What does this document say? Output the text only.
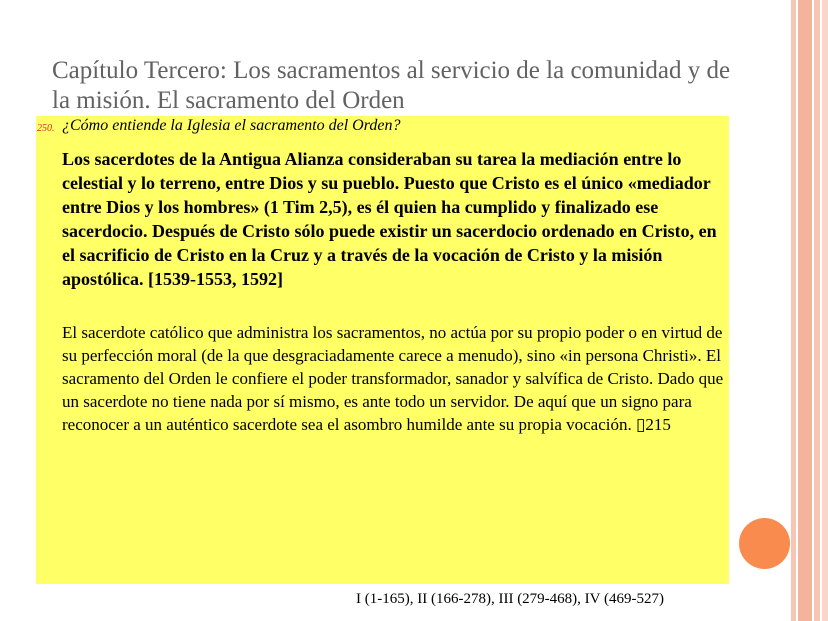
Capítulo Tercero: Los sacramentos al servicio de la comunidad y de la misión. El sacramento del Orden
250. ¿Cómo entiende la Iglesia el sacramento del Orden?

Los sacerdotes de la Antigua Alianza consideraban su tarea la mediación entre lo celestial y lo terreno, entre Dios y su pueblo. Puesto que Cristo es el único «mediador entre Dios y los hombres» (1 Tim 2,5), es él quien ha cumplido y finalizado ese sacerdocio. Después de Cristo sólo puede existir un sacerdocio ordenado en Cristo, en el sacrificio de Cristo en la Cruz y a través de la vocación de Cristo y la misión apostólica. [1539-1553, 1592]

El sacerdote católico que administra los sacramentos, no actúa por su propio poder o en virtud de su perfección moral (de la que desgraciadamente carece a menudo), sino «in persona Christi». El sacramento del Orden le confiere el poder transformador, sanador y salvífica de Cristo. Dado que un sacerdote no tiene nada por sí mismo, es ante todo un servidor. De aquí que un signo para reconocer a un auténtico sacerdote sea el asombro humilde ante su propia vocación. ▯215

I (1-165), II (166-278), III (279-468), IV (469-527)
